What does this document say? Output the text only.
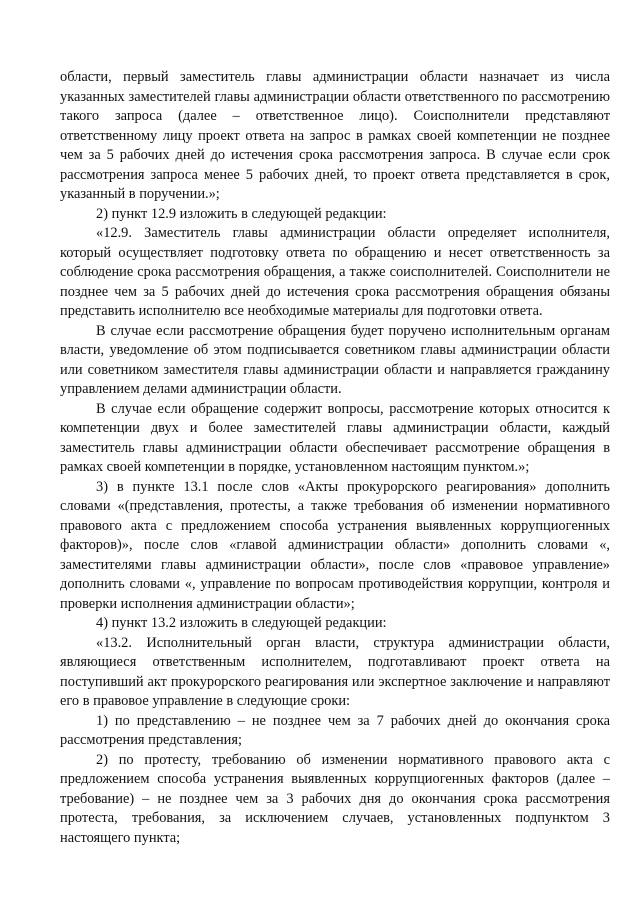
области, первый заместитель главы администрации области назначает из числа указанных заместителей главы администрации области ответственного по рассмотрению такого запроса (далее – ответственное лицо). Соисполнители представляют ответственному лицу проект ответа на запрос в рамках своей компетенции не позднее чем за 5 рабочих дней до истечения срока рассмотрения запроса. В случае если срок рассмотрения запроса менее 5 рабочих дней, то проект ответа представляется в срок, указанный в поручении.»;

2) пункт 12.9 изложить в следующей редакции:

«12.9. Заместитель главы администрации области определяет исполнителя, который осуществляет подготовку ответа по обращению и несет ответственность за соблюдение срока рассмотрения обращения, а также соисполнителей. Соисполнители не позднее чем за 5 рабочих дней до истечения срока рассмотрения обращения обязаны представить исполнителю все необходимые материалы для подготовки ответа.

В случае если рассмотрение обращения будет поручено исполнительным органам власти, уведомление об этом подписывается советником главы администрации области или советником заместителя главы администрации области и направляется гражданину управлением делами администрации области.

В случае если обращение содержит вопросы, рассмотрение которых относится к компетенции двух и более заместителей главы администрации области, каждый заместитель главы администрации области обеспечивает рассмотрение обращения в рамках своей компетенции в порядке, установленном настоящим пунктом.»;

3) в пункте 13.1 после слов «Акты прокурорского реагирования» дополнить словами «(представления, протесты, а также требования об изменении нормативного правового акта с предложением способа устранения выявленных коррупциогенных факторов)», после слов «главой администрации области» дополнить словами «, заместителями главы администрации области», после слов «правовое управление» дополнить словами «, управление по вопросам противодействия коррупции, контроля и проверки исполнения администрации области»;

4) пункт 13.2 изложить в следующей редакции:

«13.2. Исполнительный орган власти, структура администрации области, являющиеся ответственным исполнителем, подготавливают проект ответа на поступивший акт прокурорского реагирования или экспертное заключение и направляют его в правовое управление в следующие сроки:

1) по представлению – не позднее чем за 7 рабочих дней до окончания срока рассмотрения представления;

2) по протесту, требованию об изменении нормативного правового акта с предложением способа устранения выявленных коррупциогенных факторов (далее – требование) – не позднее чем за 3 рабочих дня до окончания срока рассмотрения протеста, требования, за исключением случаев, установленных подпунктом 3 настоящего пункта;
